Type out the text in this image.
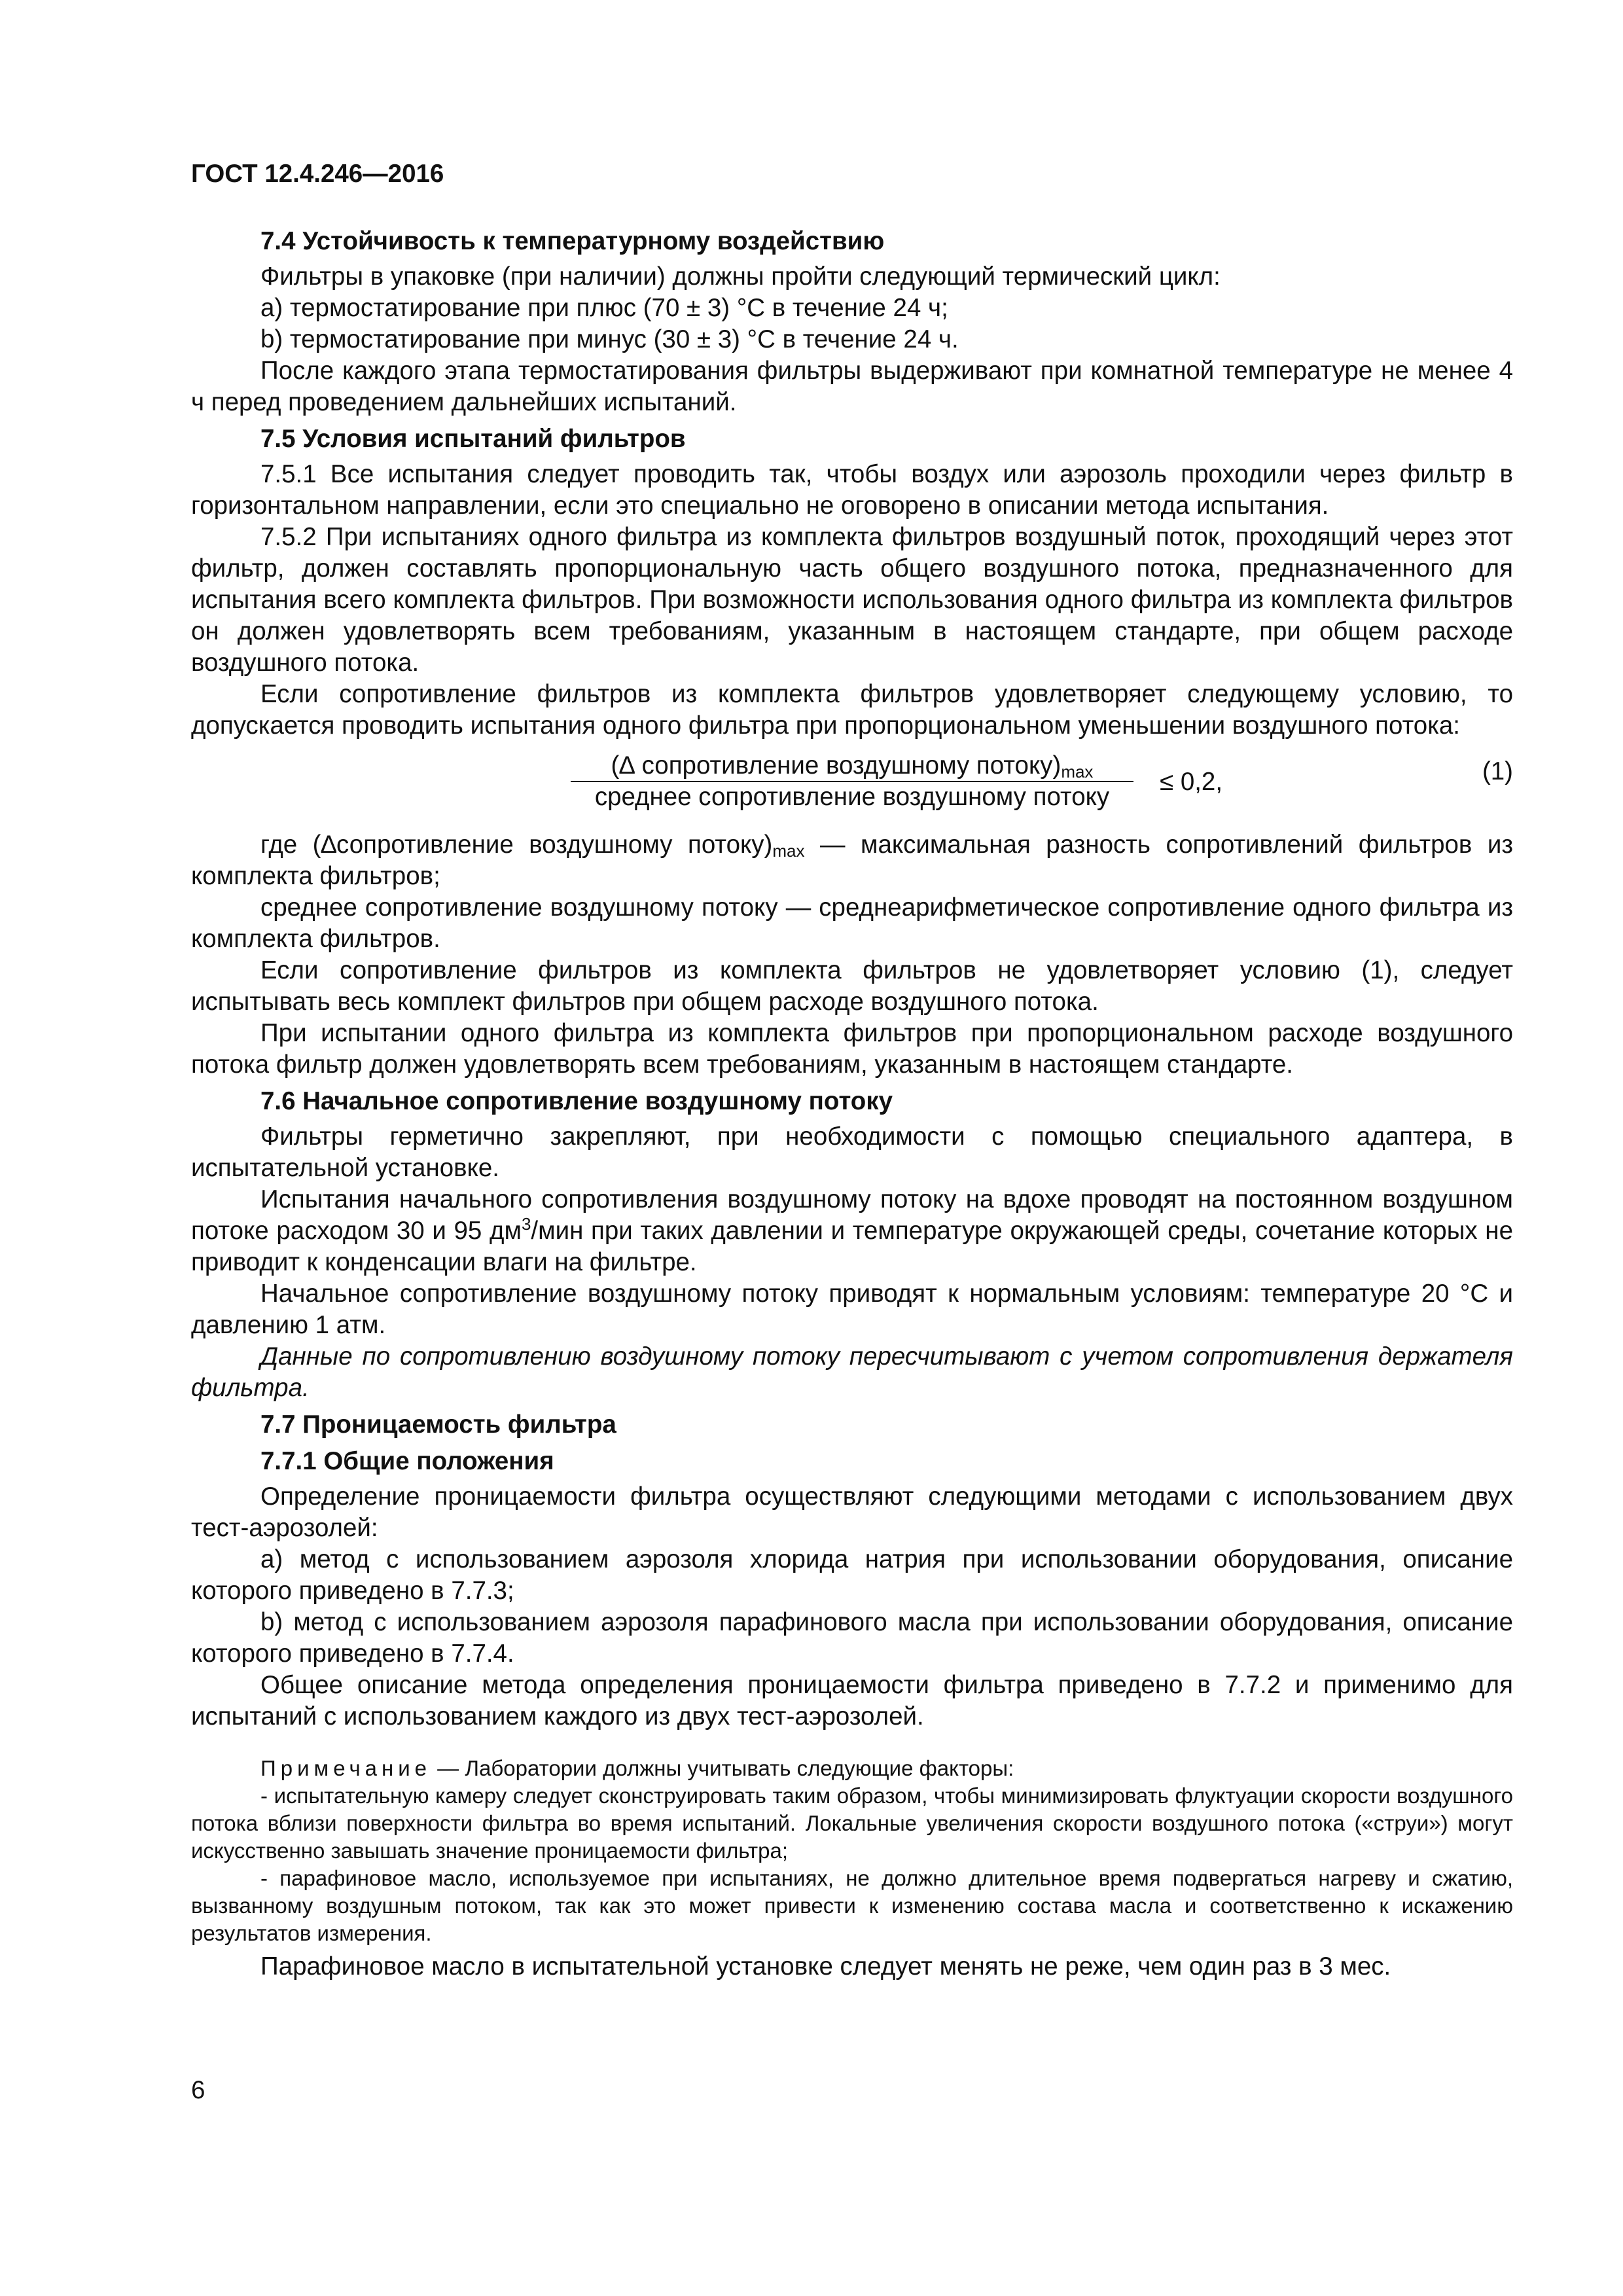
ГОСТ 12.4.246—2016
7.4 Устойчивость к температурному воздействию

Фильтры в упаковке (при наличии) должны пройти следующий термический цикл:

a) термостатирование при плюс (70 ± 3) °C в течение 24 ч;

b) термостатирование при минус (30 ± 3) °C в течение 24 ч.

После каждого этапа термостатирования фильтры выдерживают при комнатной температуре не менее 4 ч перед проведением дальнейших испытаний.

7.5 Условия испытаний фильтров

7.5.1 Все испытания следует проводить так, чтобы воздух или аэрозоль проходили через фильтр в горизонтальном направлении, если это специально не оговорено в описании метода испытания.

7.5.2 При испытаниях одного фильтра из комплекта фильтров воздушный поток, проходящий через этот фильтр, должен составлять пропорциональную часть общего воздушного потока, предназначенного для испытания всего комплекта фильтров. При возможности использования одного фильтра из комплекта фильтров он должен удовлетворять всем требованиям, указанным в настоящем стандарте, при общем расходе воздушного потока.

Если сопротивление фильтров из комплекта фильтров удовлетворяет следующему условию, то допускается проводить испытания одного фильтра при пропорциональном уменьшении воздушного потока:

(∆ сопротивление воздушному $потоку)_{max}$
среднее сопротивление воздушному потоку
≤ 0,2,	(1)

где (∆сопротивление воздушному $потоку)_{max}$ — максимальная разность сопротивлений фильтров из комплекта фильтров;

среднее сопротивление воздушному потоку — среднеарифметическое сопротивление одного фильтра из комплекта фильтров.

Если сопротивление фильтров из комплекта фильтров не удовлетворяет условию (1), следует испытывать весь комплект фильтров при общем расходе воздушного потока.

При испытании одного фильтра из комплекта фильтров при пропорциональном расходе воздушного потока фильтр должен удовлетворять всем требованиям, указанным в настоящем стандарте.

7.6 Начальное сопротивление воздушному потоку

Фильтры герметично закрепляют, при необходимости с помощью специального адаптера, в испытательной установке.

Испытания начального сопротивления воздушному потоку на вдохе проводят на постоянном воздушном потоке расходом 30 и 95 $дм^3$/мин при таких давлении и температуре окружающей среды, сочетание которых не приводит к конденсации влаги на фильтре.

Начальное сопротивление воздушному потоку приводят к нормальным условиям: температуре 20 °C и давлению 1 атм.

Данные по сопротивлению воздушному потоку пересчитывают с учетом сопротивления держателя фильтра.

7.7 Проницаемость фильтра
7.7.1 Общие положения

Определение проницаемости фильтра осуществляют следующими методами с использованием двух тест-аэрозолей:

a) метод с использованием аэрозоля хлорида натрия при использовании оборудования, описание которого приведено в 7.7.3;

b) метод с использованием аэрозоля парафинового масла при использовании оборудования, описание которого приведено в 7.7.4.

Общее описание метода определения проницаемости фильтра приведено в 7.7.2 и применимо для испытаний с использованием каждого из двух тест-аэрозолей.

Примечание — Лаборатории должны учитывать следующие факторы:

- испытательную камеру следует сконструировать таким образом, чтобы минимизировать флуктуации скорости воздушного потока вблизи поверхности фильтра во время испытаний. Локальные увеличения скорости воздушного потока («струи») могут искусственно завышать значение проницаемости фильтра;

- парафиновое масло, используемое при испытаниях, не должно длительное время подвергаться нагреву и сжатию, вызванному воздушным потоком, так как это может привести к изменению состава масла и соответственно к искажению результатов измерения.

Парафиновое масло в испытательной установке следует менять не реже, чем один раз в 3 мес.

6
